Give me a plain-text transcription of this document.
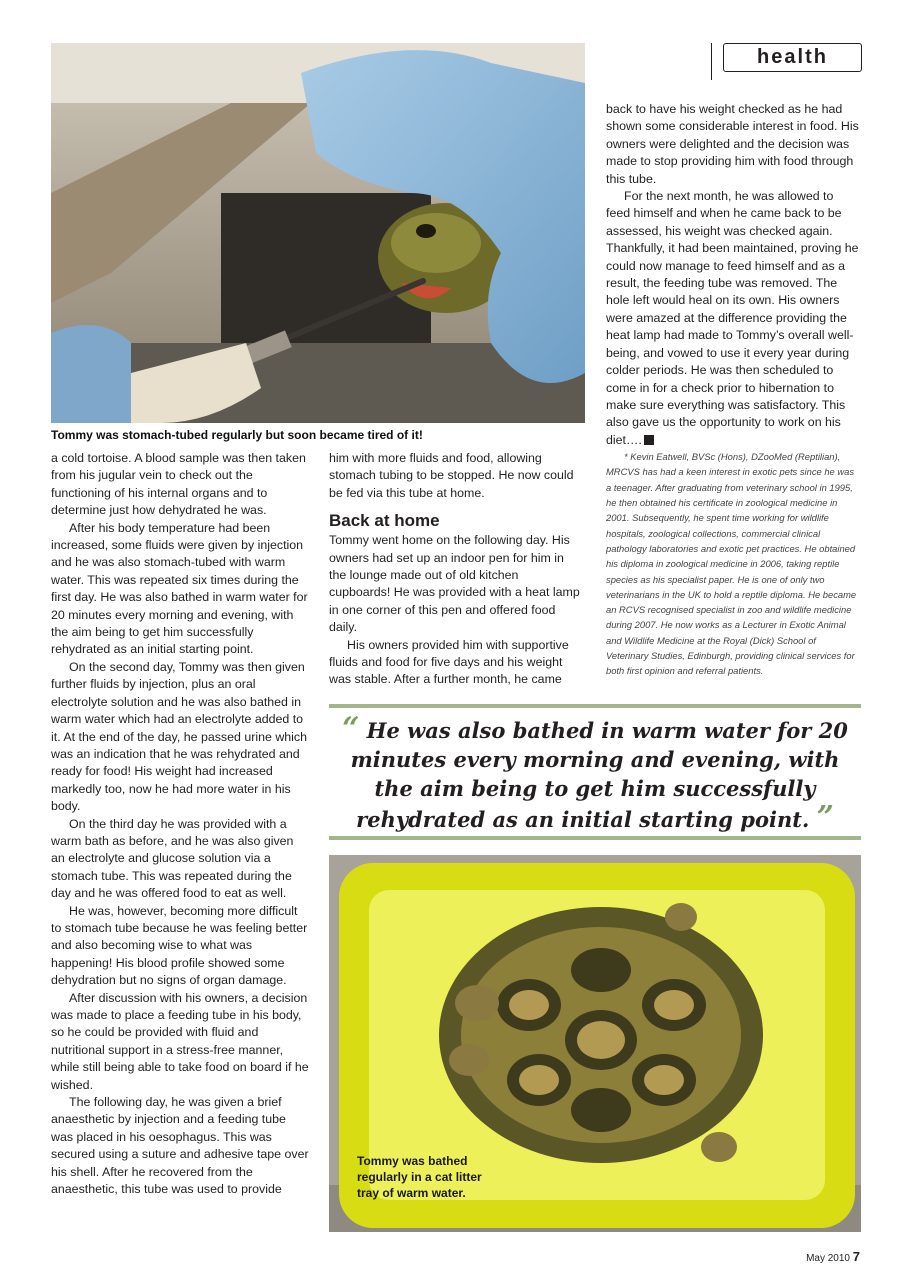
health
Tommy was stomach-tubed regularly but soon became tired of it!

a cold tortoise. A blood sample was then taken from his jugular vein to check out the functioning of his internal organs and to determine just how dehydrated he was.

After his body temperature had been increased, some fluids were given by injection and he was also stomach-tubed with warm water. This was repeated six times during the first day. He was also bathed in warm water for 20 minutes every morning and evening, with the aim being to get him successfully rehydrated as an initial starting point.

On the second day, Tommy was then given further fluids by injection, plus an oral electrolyte solution and he was also bathed in warm water which had an electrolyte added to it. At the end of the day, he passed urine which was an indication that he was rehydrated and ready for food! His weight had increased markedly too, now he had more water in his body.

On the third day he was provided with a warm bath as before, and he was also given an electrolyte and glucose solution via a stomach tube. This was repeated during the day and he was offered food to eat as well.

He was, however, becoming more difficult to stomach tube because he was feeling better and also becoming wise to what was happening! His blood profile showed some dehydration but no signs of organ damage.

After discussion with his owners, a decision was made to place a feeding tube in his body, so he could be provided with fluid and nutritional support in a stress-free manner, while still being able to take food on board if he wished.

The following day, he was given a brief anaesthetic by injection and a feeding tube was placed in his oesophagus. This was secured using a suture and adhesive tape over his shell. After he recovered from the anaesthetic, this tube was used to provide

him with more fluids and food, allowing stomach tubing to be stopped. He now could be fed via this tube at home.

Back at home

Tommy went home on the following day. His owners had set up an indoor pen for him in the lounge made out of old kitchen cupboards! He was provided with a heat lamp in one corner of this pen and offered food daily.

His owners provided him with supportive fluids and food for five days and his weight was stable. After a further month, he came

back to have his weight checked as he had shown some considerable interest in food. His owners were delighted and the decision was made to stop providing him with food through this tube.

For the next month, he was allowed to feed himself and when he came back to be assessed, his weight was checked again. Thankfully, it had been maintained, proving he could now manage to feed himself and as a result, the feeding tube was removed. The hole left would heal on its own. His owners were amazed at the difference providing the heat lamp had made to Tommy’s overall well-being, and vowed to use it every year during colder periods. He was then scheduled to come in for a check prior to hibernation to make sure everything was satisfactory. This also gave us the opportunity to work on his diet….

* Kevin Eatwell, BVSc (Hons), DZooMed (Reptilian), MRCVS has had a keen interest in exotic pets since he was a teenager. After graduating from veterinary school in 1995, he then obtained his certificate in zoological medicine in 2001. Subsequently, he spent time working for wildlife hospitals, zoological collections, commercial clinical pathology laboratories and exotic pet practices. He obtained his diploma in zoological medicine in 2006, taking reptile species as his specialist paper. He is one of only two veterinarians in the UK to hold a reptile diploma. He became an RCVS recognised specialist in zoo and wildlife medicine during 2007. He now works as a Lecturer in Exotic Animal and Wildlife Medicine at the Royal (Dick) School of Veterinary Studies, Edinburgh, providing clinical services for both first opinion and referral patients.

“ He was also bathed in warm water for 20 minutes every morning and evening, with the aim being to get him successfully rehydrated as an initial starting point. ”
Tommy was bathed
regularly in a cat litter
tray of warm water.
May 2010 7
